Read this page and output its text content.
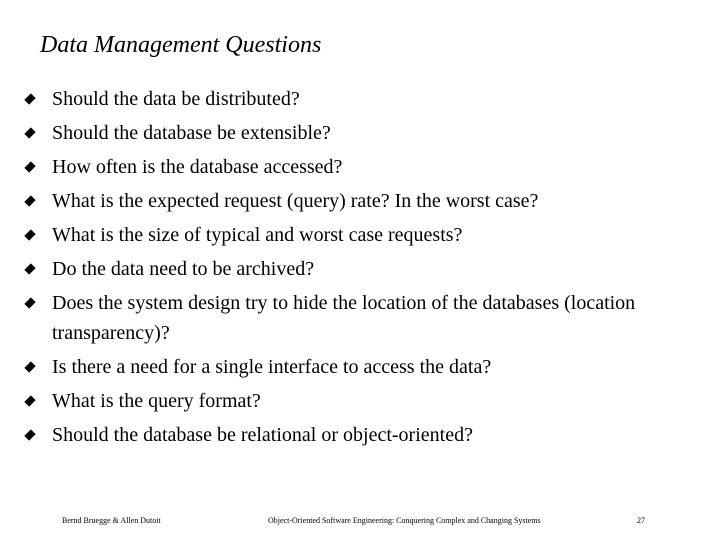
Data Management Questions
Should the data be distributed?
Should the database be extensible?
How often is the database accessed?
What is the expected request (query) rate? In the worst case?
What is the size of typical and worst case requests?
Do the data need to be archived?
Does the system design try to hide the location of the databases (location transparency)?
Is there a need for a single interface to access the data?
What is the query format?
Should the database be relational or object-oriented?
Bernd Bruegge & Allen Dutoit	Object-Oriented Software Engineering: Conquering Complex and Changing Systems	27
